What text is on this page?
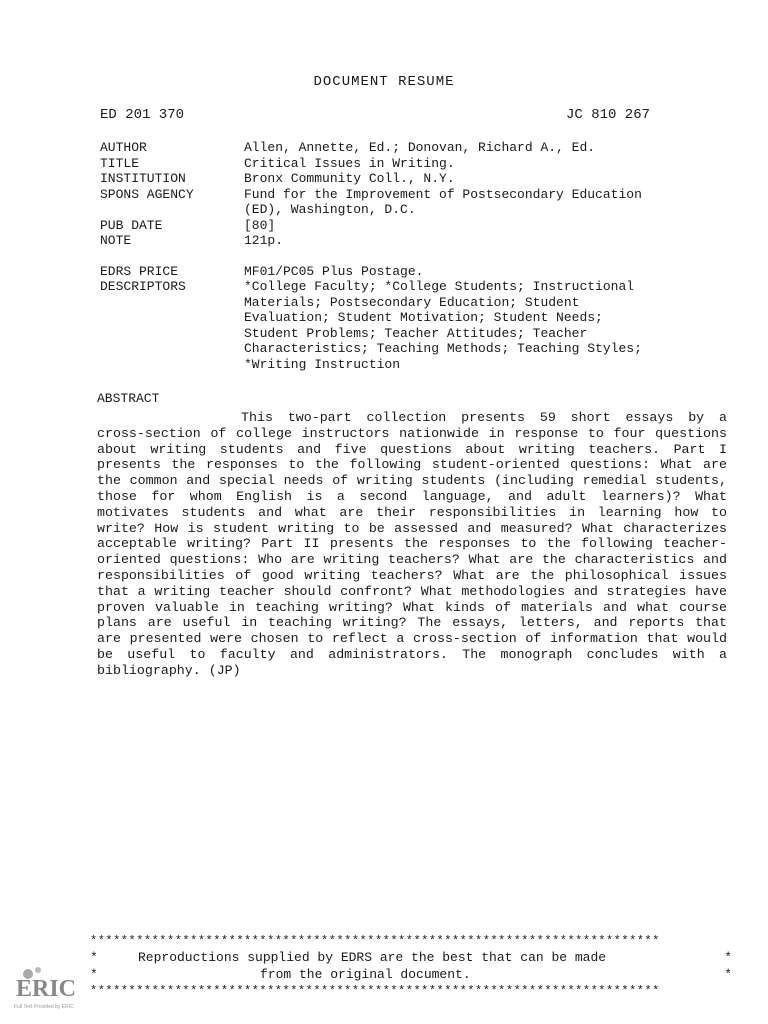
DOCUMENT RESUME
ED 201 370	JC 810 267
AUTHOR	Allen, Annette, Ed.; Donovan, Richard A., Ed.
TITLE	Critical Issues in Writing.
INSTITUTION	Bronx Community Coll., N.Y.
SPONS AGENCY	Fund for the Improvement of Postsecondary Education
(ED), Washington, D.C.
PUB DATE	[80]
NOTE	121p.
EDRS PRICE	MF01/PC05 Plus Postage.
DESCRIPTORS	*College Faculty; *College Students; Instructional
Materials; Postsecondary Education; Student
Evaluation; Student Motivation; Student Needs;
Student Problems; Teacher Attitudes; Teacher
Characteristics; Teaching Methods; Teaching Styles;
*Writing Instruction
ABSTRACT
This two-part collection presents 59 short essays by a cross-section of college instructors nationwide in response to four questions about writing students and five questions about writing teachers. Part I presents the responses to the following student-oriented questions: What are the common and special needs of writing students (including remedial students, those for whom English is a second language, and adult learners)? What motivates students and what are their responsibilities in learning how to write? How is student writing to be assessed and measured? What characterizes acceptable writing? Part II presents the responses to the following teacher-oriented questions: Who are writing teachers? What are the characteristics and responsibilities of good writing teachers? What are the philosophical issues that a writing teacher should confront? What methodologies and strategies have proven valuable in teaching writing? What kinds of materials and what course plans are useful in teaching writing? The essays, letters, and reports that are presented were chosen to reflect a cross-section of information that would be useful to faculty and administrators. The monograph concludes with a bibliography. (JP)
**************************************************************************
*	Reproductions supplied by EDRS are the best that can be made	*
*	from the original document.	*
**************************************************************************
ERIC
Full Text Provided by ERIC
